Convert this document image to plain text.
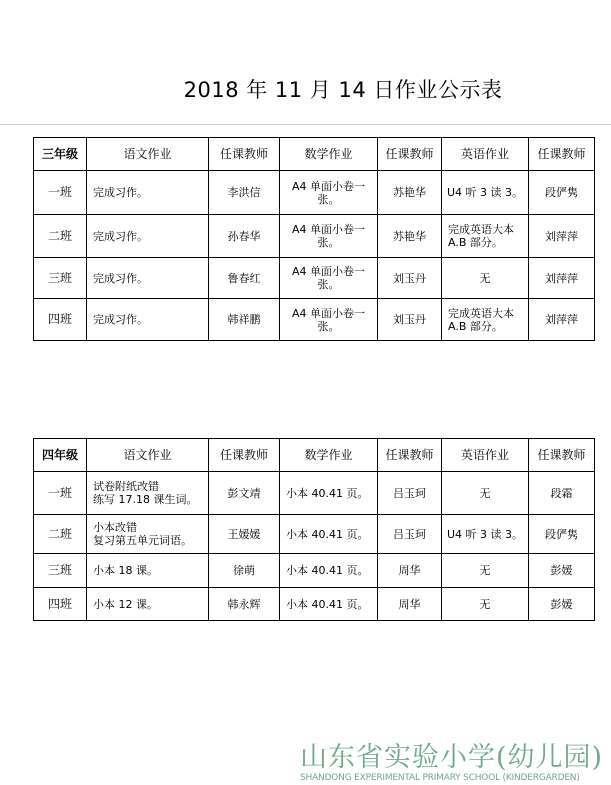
2018 年 11 月 14 日作业公示表
三年级	语文作业	任课教师	数学作业	任课教师	英语作业	任课教师
一班	完成习作。	李洪信	A4 单面小卷一张。	苏艳华	U4 听 3 读 3。	段俨隽
二班	完成习作。	孙春华	A4 单面小卷一张。	苏艳华	完成英语大本
A.B 部分。	刘萍萍
三班	完成习作。	鲁春红	A4 单面小卷一张。	刘玉丹	无	刘萍萍
四班	完成习作。	韩祥鹏	A4 单面小卷一张。	刘玉丹	完成英语大本
A.B 部分。	刘萍萍
四年级	语文作业	任课教师	数学作业	任课教师	英语作业	任课教师
一班	试卷附纸改错
练写 17.18 课生词。	彭文靖	小本 40.41 页。	吕玉珂	无	段霜
二班	小本改错
复习第五单元词语。	王媛媛	小本 40.41 页。	吕玉珂	U4 听 3 读 3。	段俨隽
三班	小本 18 课。	徐萌	小本 40.41 页。	周华	无	彭媛
四班	小本 12 课。	韩永辉	小本 40.41 页。	周华	无	彭媛
山东省实验小学(幼儿园)
SHANDONG EXPERIMENTAL PRIMARY SCHOOL (KINDERGARDEN)
